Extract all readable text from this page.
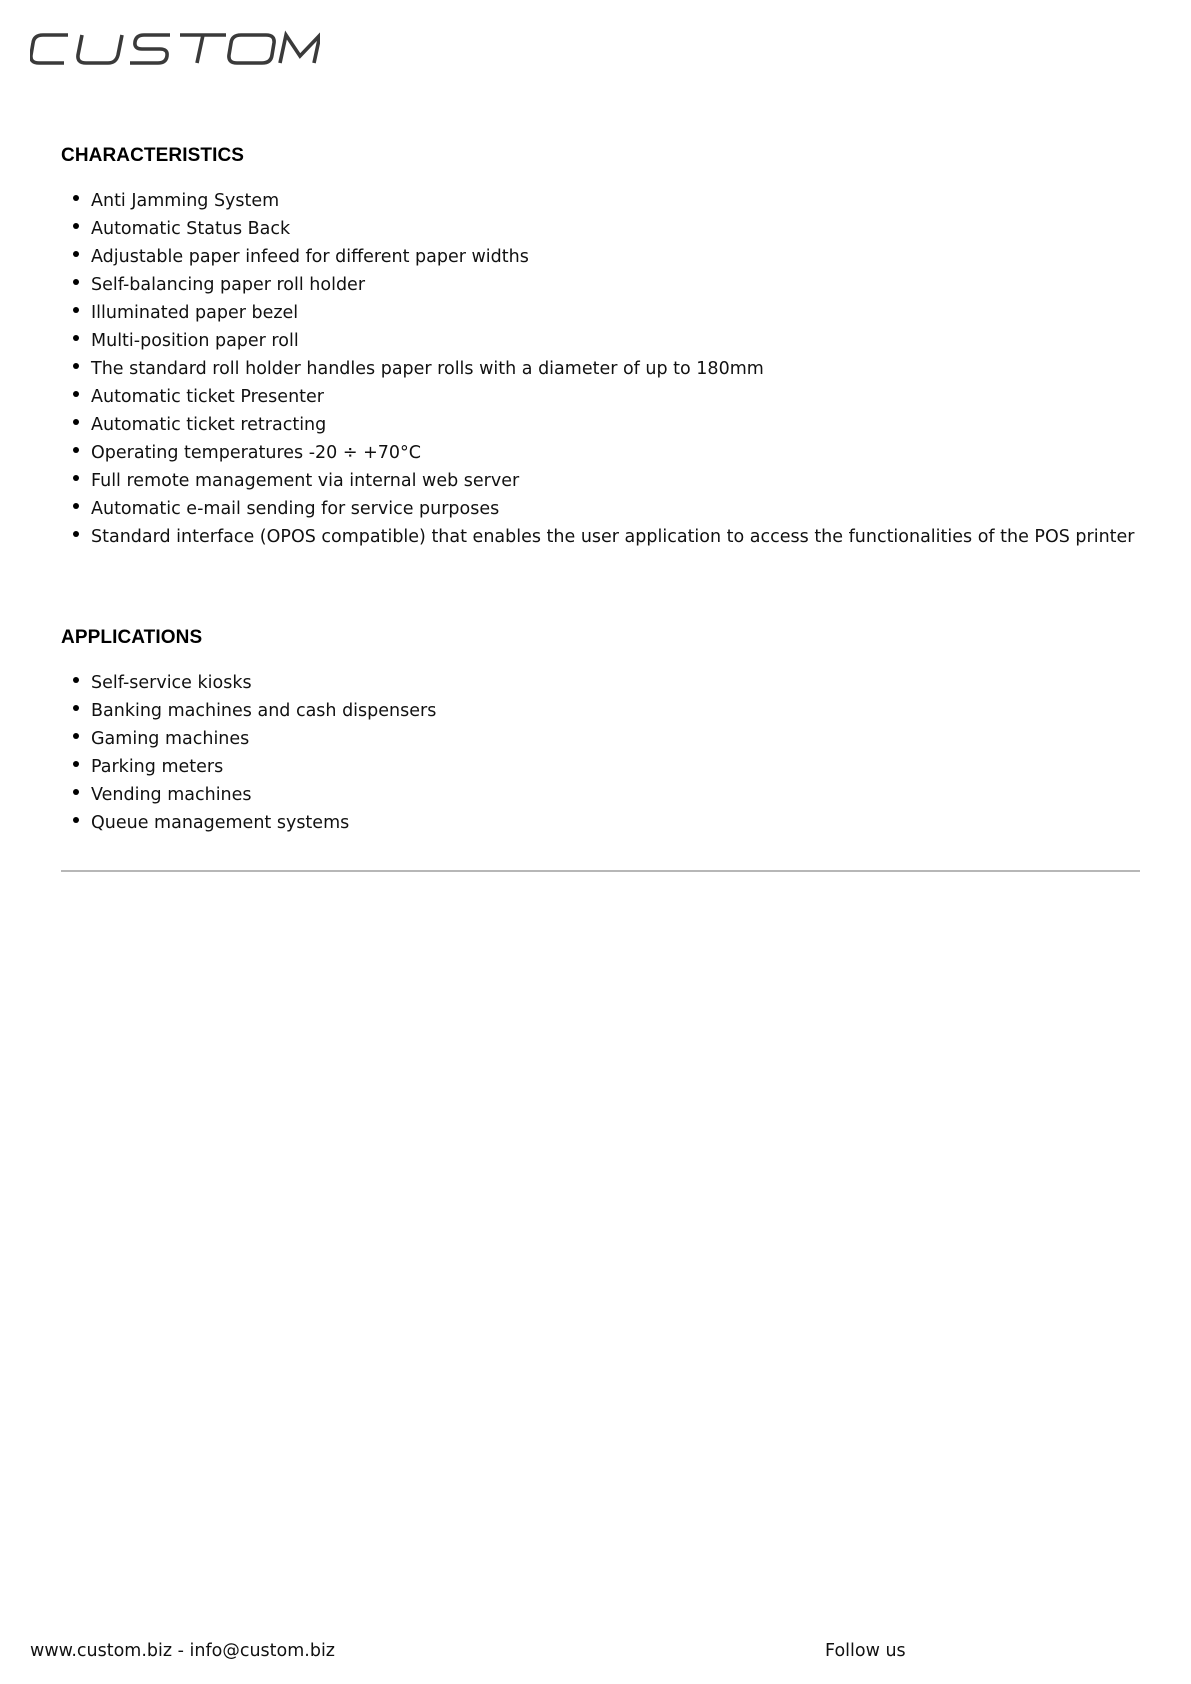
CHARACTERISTICS
Anti Jamming System
Automatic Status Back
Adjustable paper infeed for different paper widths
Self-balancing paper roll holder
Illuminated paper bezel
Multi-position paper roll
The standard roll holder handles paper rolls with a diameter of up to 180mm
Automatic ticket Presenter
Automatic ticket retracting
Operating temperatures -20 ÷ +70°C
Full remote management via internal web server
Automatic e-mail sending for service purposes
Standard interface (OPOS compatible) that enables the user application to access the functionalities of the POS printer
APPLICATIONS
Self-service kiosks
Banking machines and cash dispensers
Gaming machines
Parking meters
Vending machines
Queue management systems
www.custom.biz - info@custom.biz	Follow us
